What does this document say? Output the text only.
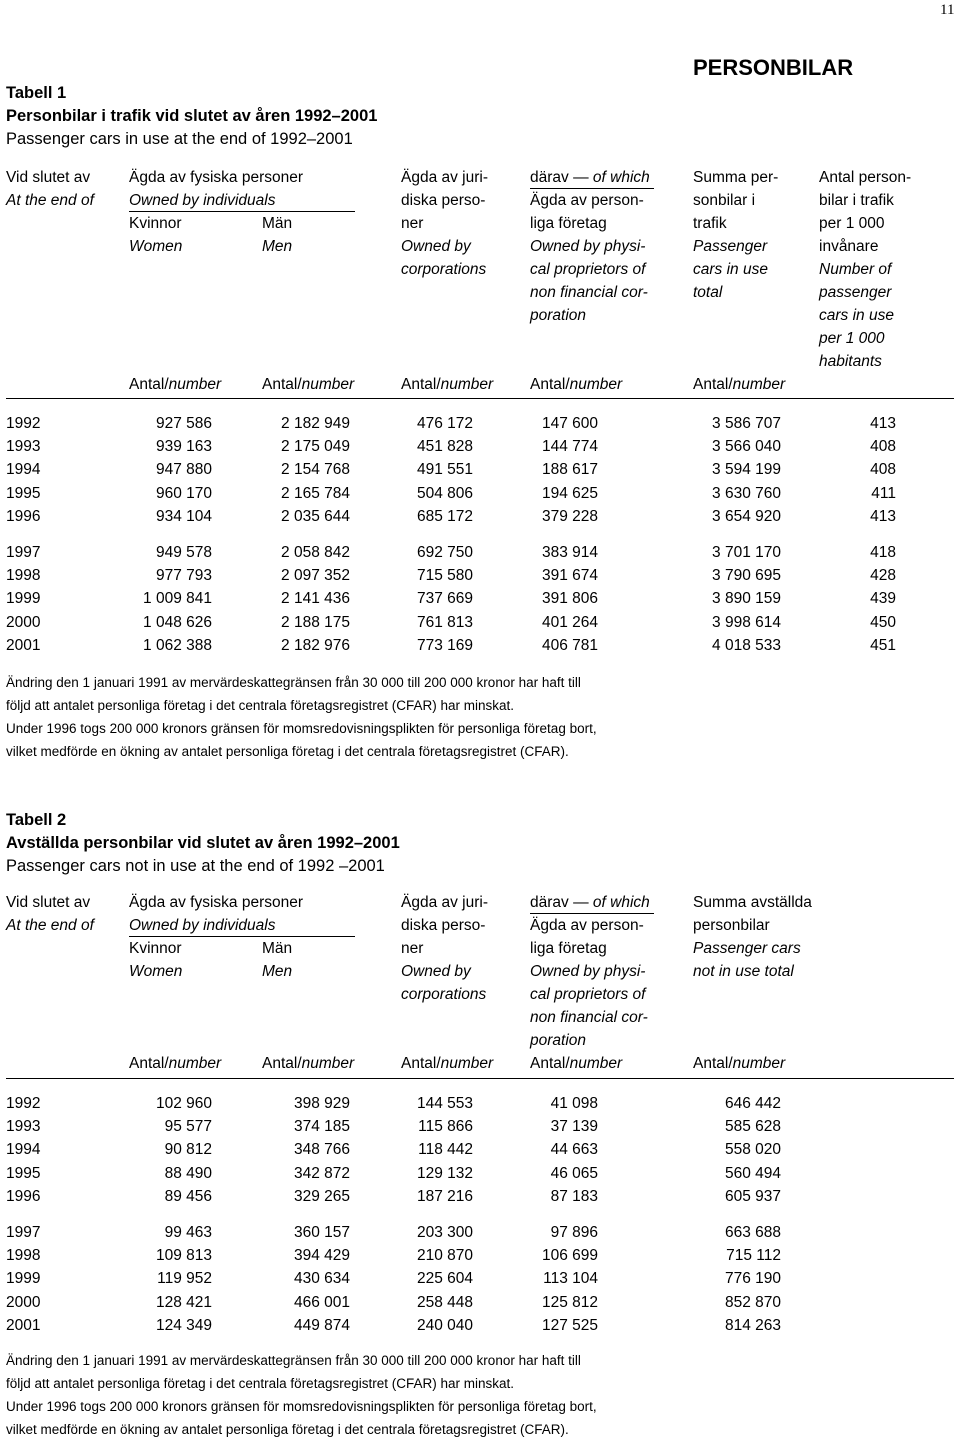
11
PERSONBILAR
Tabell 1
Personbilar i trafik vid slutet av åren 1992–2001
Passenger cars in use at the end of 1992–2001
Vid slutet av
At the end of
Ägda av fysiska personer
Owned by individuals
Kvinnor
Women
Män
Men
Ägda av juri-
diska perso-
ner
Owned by
corporations
därav — of which
Ägda av person-
liga företag
Owned by physi-
cal proprietors of
non financial cor-
poration
Summa per-
sonbilar i
trafik
Passenger
cars in use
total
Antal person-
bilar i trafik
per 1 000
invånare
Number of
passenger
cars in use
per 1 000
habitants
Antal/number	Antal/number	Antal/number Antal/number	Antal/number
1992	927 586	2 182 949	476 172	147 600	3 586 707	413
1993	939 163	2 175 049	451 828	144 774	3 566 040	408
1994	947 880	2 154 768	491 551	188 617	3 594 199	408
1995	960 170	2 165 784	504 806	194 625	3 630 760	411
1996	934 104	2 035 644	685 172	379 228	3 654 920	413
1997	949 578	2 058 842	692 750	383 914	3 701 170	418
1998	977 793	2 097 352	715 580	391 674	3 790 695	428
1999	1 009 841	2 141 436	737 669	391 806	3 890 159	439
2000	1 048 626	2 188 175	761 813	401 264	3 998 614	450
2001	1 062 388	2 182 976	773 169	406 781	4 018 533	451
Ändring den 1 januari 1991 av mervärdeskattegränsen från 30 000 till 200 000 kronor har haft till
följd att antalet personliga företag i det centrala företagsregistret (CFAR) har minskat.
Under 1996 togs 200 000 kronors gränsen för momsredovisningsplikten för personliga företag bort,
vilket medförde en ökning av antalet personliga företag i det centrala företagsregistret (CFAR).
Tabell 2
Avställda personbilar vid slutet av åren 1992–2001
Passenger cars not in use at the end of 1992 –2001
Vid slutet av
At the end of
Ägda av fysiska personer
Owned by individuals
Kvinnor
Women
Män
Men
Ägda av juri-
diska perso-
ner
Owned by
corporations
därav — of which
Ägda av person-
liga företag
Owned by physi-
cal proprietors of
non financial cor-
poration
Summa avställda
personbilar
Passenger cars
not in use total
Antal/number	Antal/number	Antal/number Antal/number	Antal/number
1992	102 960	398 929	144 553	41 098	646 442
1993	95 577	374 185	115 866	37 139	585 628
1994	90 812	348 766	118 442	44 663	558 020
1995	88 490	342 872	129 132	46 065	560 494
1996	89 456	329 265	187 216	87 183	605 937
1997	99 463	360 157	203 300	97 896	663 688
1998	109 813	394 429	210 870	106 699	715 112
1999	119 952	430 634	225 604	113 104	776 190
2000	128 421	466 001	258 448	125 812	852 870
2001	124 349	449 874	240 040	127 525	814 263
Ändring den 1 januari 1991 av mervärdeskattegränsen från 30 000 till 200 000 kronor har haft till
följd att antalet personliga företag i det centrala företagsregistret (CFAR) har minskat.
Under 1996 togs 200 000 kronors gränsen för momsredovisningsplikten för personliga företag bort,
vilket medförde en ökning av antalet personliga företag i det centrala företagsregistret (CFAR).
